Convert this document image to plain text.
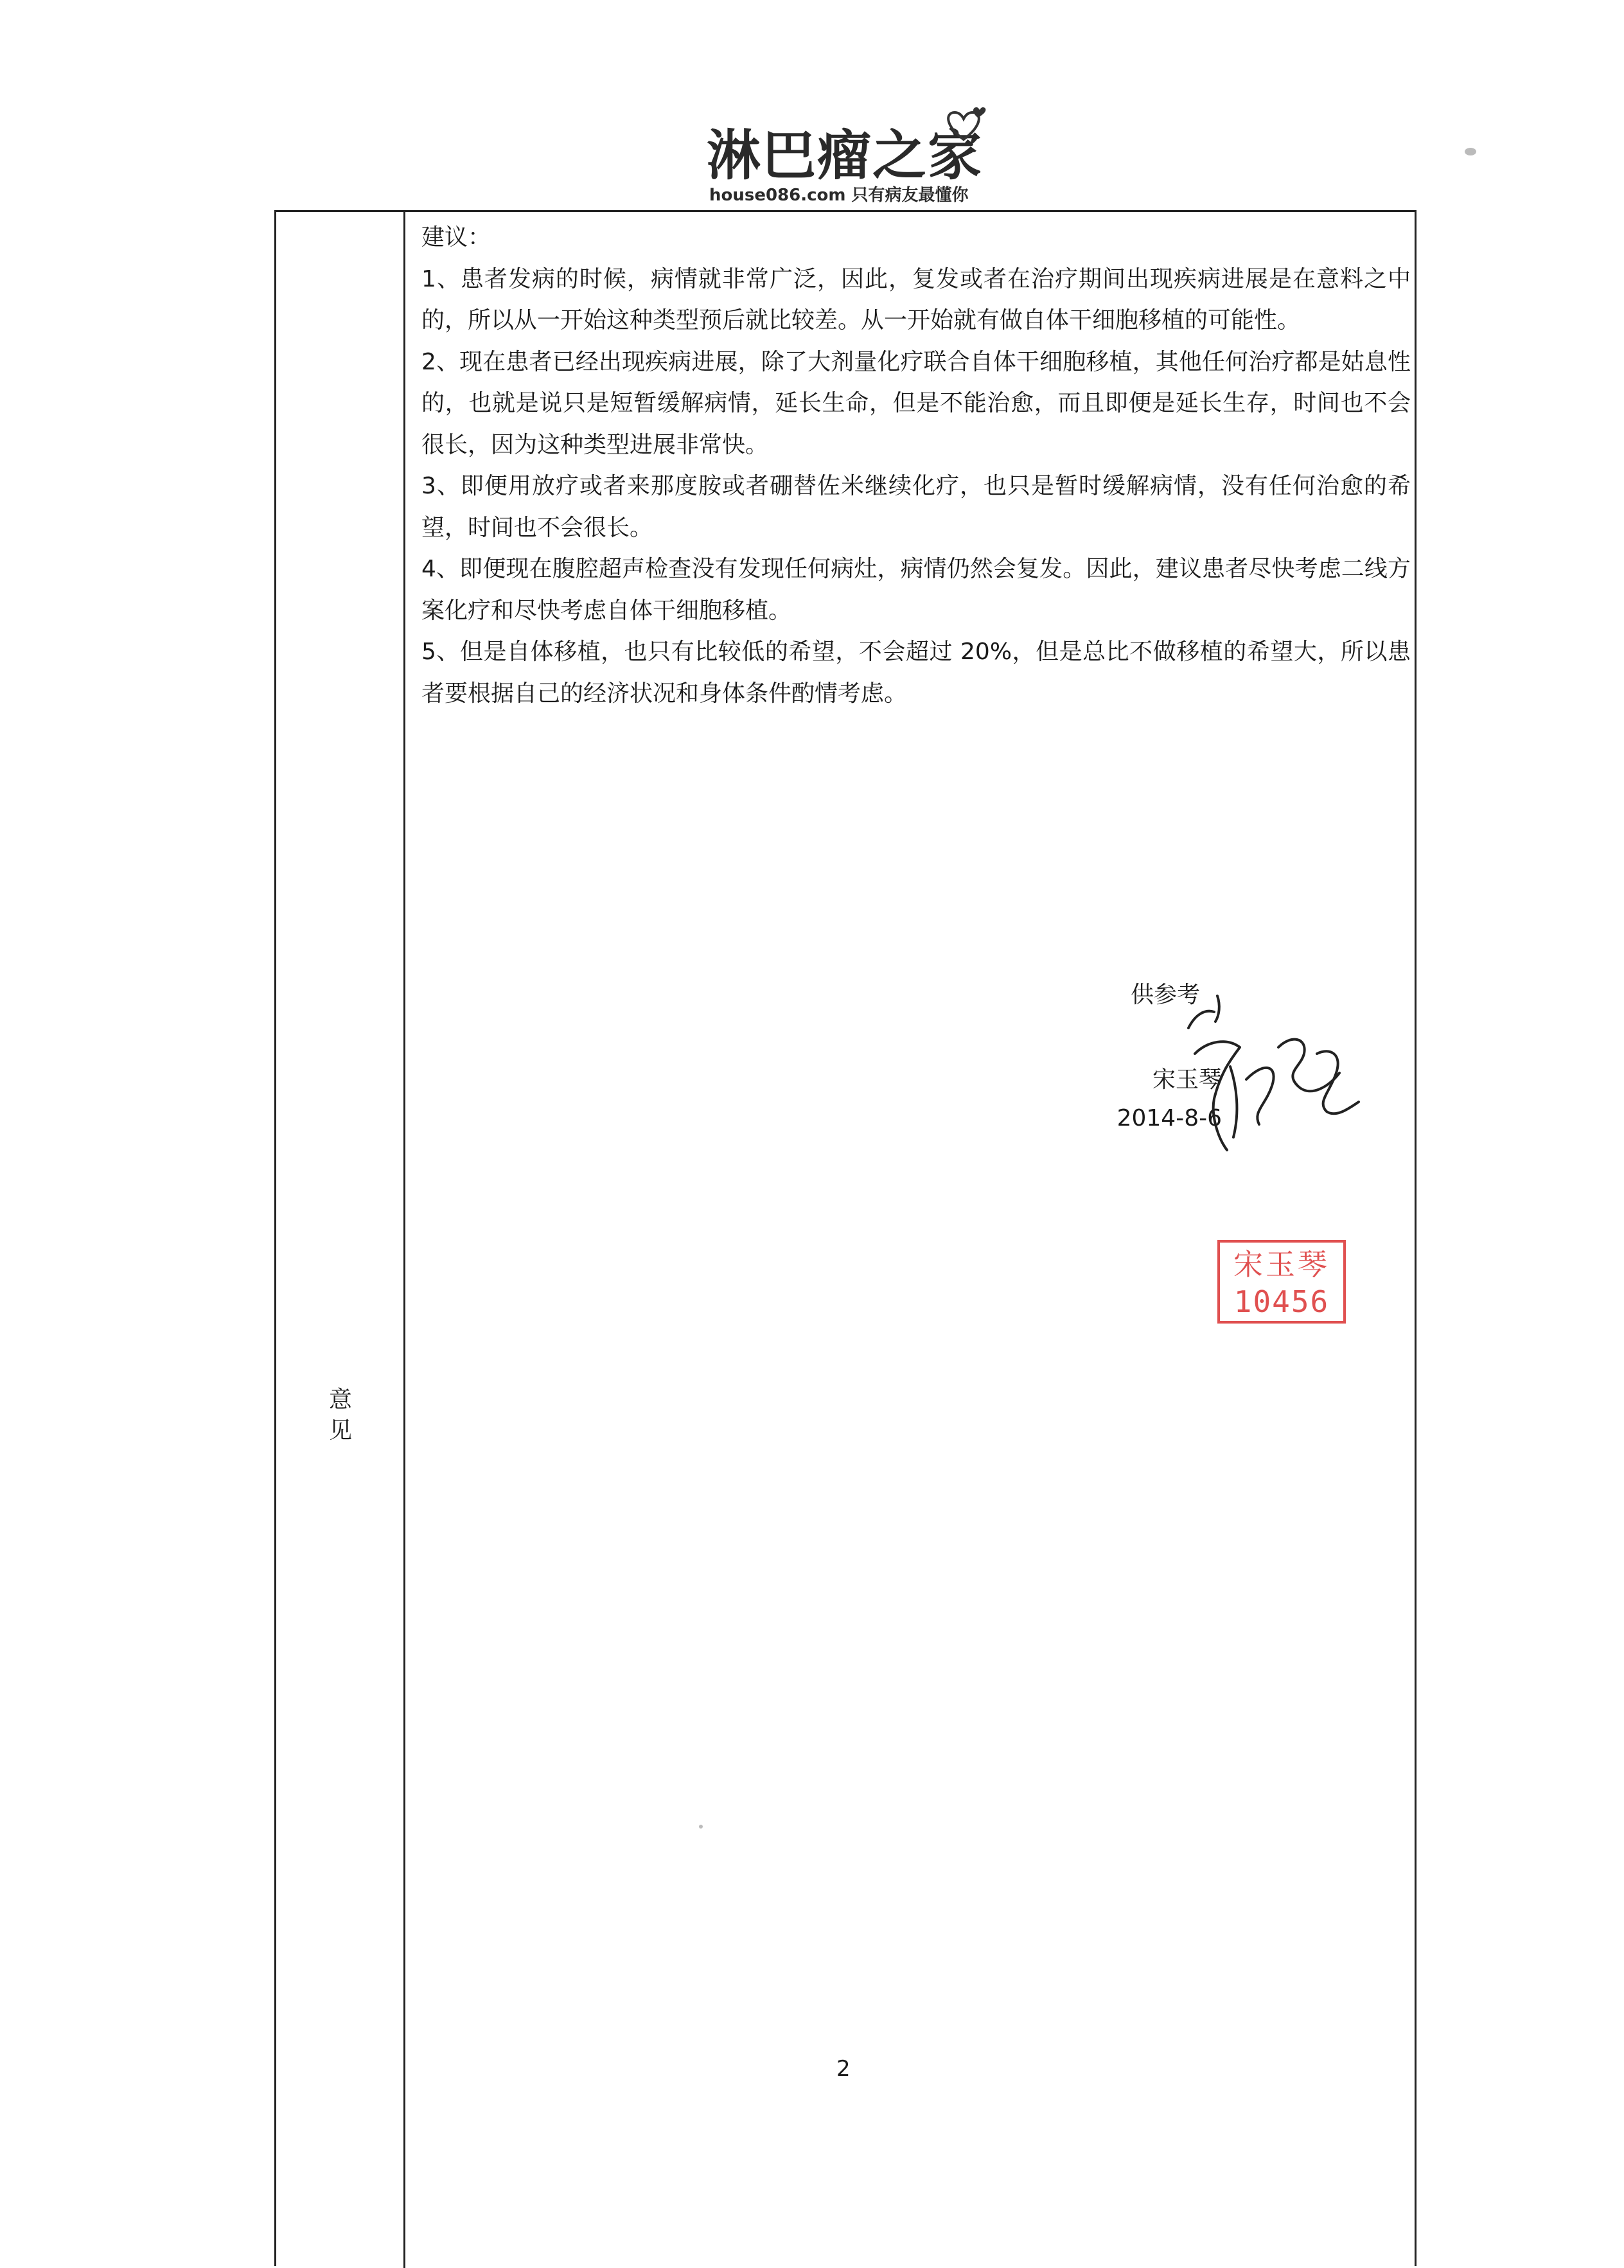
淋巴瘤之家
house086.com 只有病友最懂你
意
见

建议：

1、患者发病的时候，病情就非常广泛，因此，复发或者在治疗期间出现疾病进展是在意料之中的，所以从一开始这种类型预后就比较差。从一开始就有做自体干细胞移植的可能性。

2、现在患者已经出现疾病进展，除了大剂量化疗联合自体干细胞移植，其他任何治疗都是姑息性的，也就是说只是短暂缓解病情，延长生命，但是不能治愈，而且即便是延长生存，时间也不会很长，因为这种类型进展非常快。

3、即便用放疗或者来那度胺或者硼替佐米继续化疗，也只是暂时缓解病情，没有任何治愈的希望，时间也不会很长。

4、即便现在腹腔超声检查没有发现任何病灶，病情仍然会复发。因此，建议患者尽快考虑二线方案化疗和尽快考虑自体干细胞移植。

5、但是自体移植，也只有比较低的希望，不会超过 20%，但是总比不做移植的希望大，所以患者要根据自己的经济状况和身体条件酌情考虑。

供参考
宋玉琴
2014-8-6
宋玉琴
10456
2
